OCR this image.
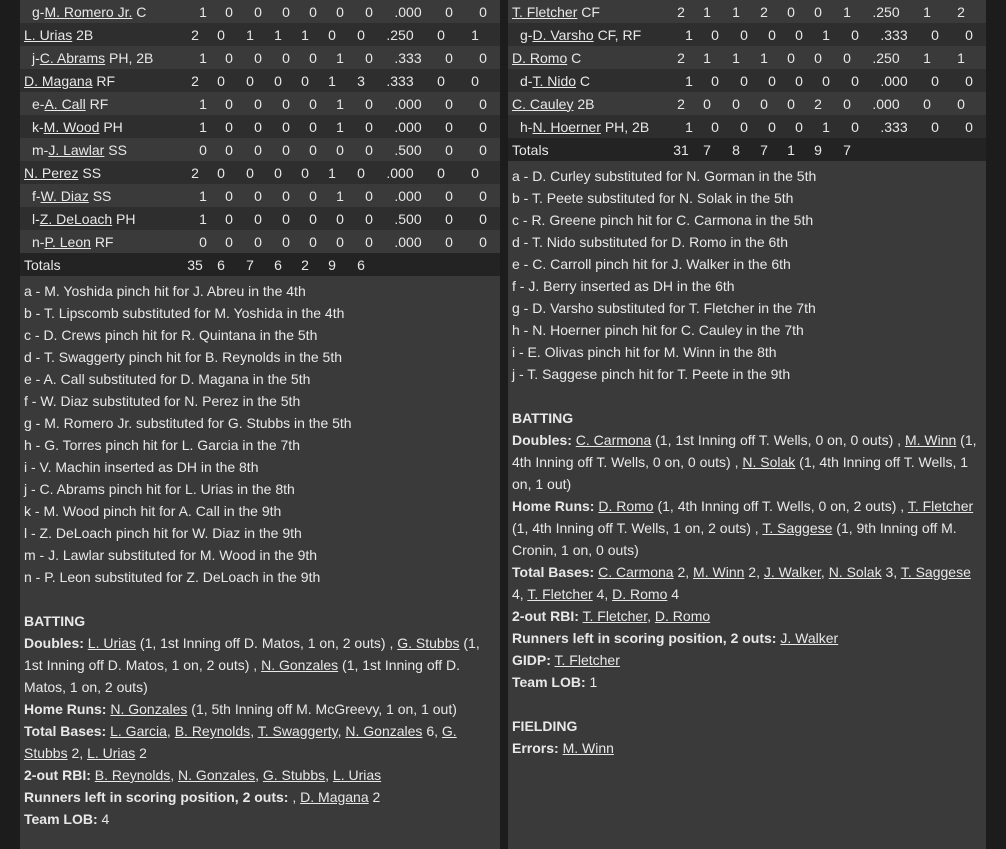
g-M. Romero Jr. C	1	0	0	0	0	0	0	.000	0	0
L. Urias 2B	2	0	1	1	1	0	0	.250	0	1
j-C. Abrams PH, 2B	1	0	0	0	0	1	0	.333	0	0
D. Magana RF	2	0	0	0	0	1	3	.333	0	0
e-A. Call RF	1	0	0	0	0	1	0	.000	0	0
k-M. Wood PH	1	0	0	0	0	1	0	.000	0	0
m-J. Lawlar SS	0	0	0	0	0	0	0	.500	0	0
N. Perez SS	2	0	0	0	0	1	0	.000	0	0
f-W. Diaz SS	1	0	0	0	0	1	0	.000	0	0
l-Z. DeLoach PH	1	0	0	0	0	0	0	.500	0	0
n-P. Leon RF	0	0	0	0	0	0	0	.000	0	0
Totals	35	6	7	6	2	9	6
a - M. Yoshida pinch hit for J. Abreu in the 4th
b - T. Lipscomb substituted for M. Yoshida in the 4th
c - D. Crews pinch hit for R. Quintana in the 5th
d - T. Swaggerty pinch hit for B. Reynolds in the 5th
e - A. Call substituted for D. Magana in the 5th
f - W. Diaz substituted for N. Perez in the 5th
g - M. Romero Jr. substituted for G. Stubbs in the 5th
h - G. Torres pinch hit for L. Garcia in the 7th
i - V. Machin inserted as DH in the 8th
j - C. Abrams pinch hit for L. Urias in the 8th
k - M. Wood pinch hit for A. Call in the 9th
l - Z. DeLoach pinch hit for W. Diaz in the 9th
m - J. Lawlar substituted for M. Wood in the 9th
n - P. Leon substituted for Z. DeLoach in the 9th
BATTING
Doubles: L. Urias (1, 1st Inning off D. Matos, 1 on, 2 outs) , G. Stubbs (1, 1st Inning off D. Matos, 1 on, 2 outs) , N. Gonzales (1, 1st Inning off D. Matos, 1 on, 2 outs)
Home Runs: N. Gonzales (1, 5th Inning off M. McGreevy, 1 on, 1 out)
Total Bases: L. Garcia, B. Reynolds, T. Swaggerty, N. Gonzales 6, G. Stubbs 2, L. Urias 2
2-out RBI: B. Reynolds, N. Gonzales, G. Stubbs, L. Urias
Runners left in scoring position, 2 outs: , D. Magana 2
Team LOB: 4
T. Fletcher CF	2	1	1	2	0	0	1	.250	1	2
g-D. Varsho CF, RF	1	0	0	0	0	1	0	.333	0	0
D. Romo C	2	1	1	1	0	0	0	.250	1	1
d-T. Nido C	1	0	0	0	0	0	0	.000	0	0
C. Cauley 2B	2	0	0	0	0	2	0	.000	0	0
h-N. Hoerner PH, 2B	1	0	0	0	0	1	0	.333	0	0
Totals	31	7	8	7	1	9	7
a - D. Curley substituted for N. Gorman in the 5th
b - T. Peete substituted for N. Solak in the 5th
c - R. Greene pinch hit for C. Carmona in the 5th
d - T. Nido substituted for D. Romo in the 6th
e - C. Carroll pinch hit for J. Walker in the 6th
f - J. Berry inserted as DH in the 6th
g - D. Varsho substituted for T. Fletcher in the 7th
h - N. Hoerner pinch hit for C. Cauley in the 7th
i - E. Olivas pinch hit for M. Winn in the 8th
j - T. Saggese pinch hit for T. Peete in the 9th
BATTING
Doubles: C. Carmona (1, 1st Inning off T. Wells, 0 on, 0 outs) , M. Winn (1, 4th Inning off T. Wells, 0 on, 0 outs) , N. Solak (1, 4th Inning off T. Wells, 1 on, 1 out)
Home Runs: D. Romo (1, 4th Inning off T. Wells, 0 on, 2 outs) , T. Fletcher (1, 4th Inning off T. Wells, 1 on, 2 outs) , T. Saggese (1, 9th Inning off M. Cronin, 1 on, 0 outs)
Total Bases: C. Carmona 2, M. Winn 2, J. Walker, N. Solak 3, T. Saggese 4, T. Fletcher 4, D. Romo 4
2-out RBI: T. Fletcher, D. Romo
Runners left in scoring position, 2 outs: J. Walker
GIDP: T. Fletcher
Team LOB: 1
FIELDING
Errors: M. Winn
